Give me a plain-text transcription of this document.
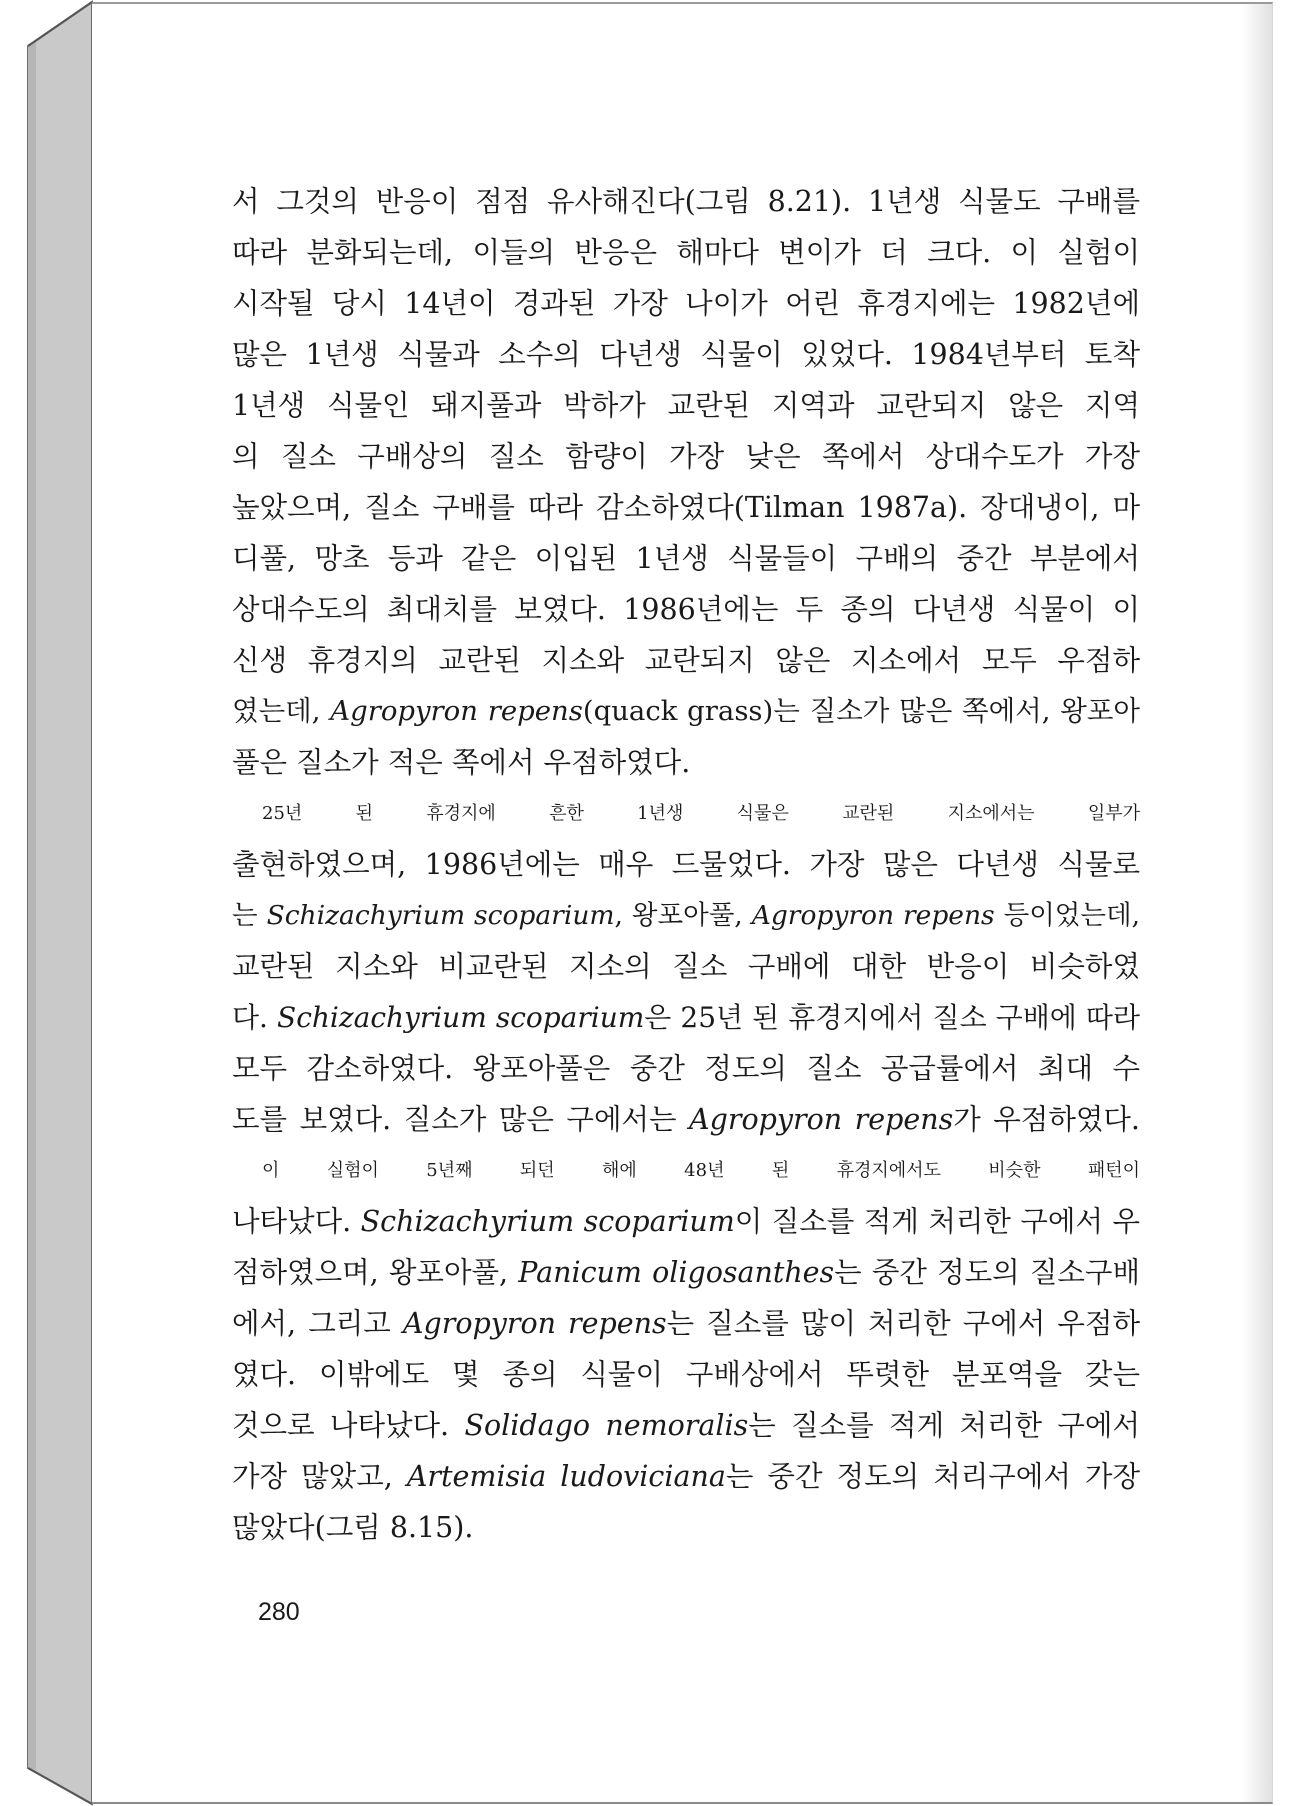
서 그것의 반응이 점점 유사해진다(그림 8.21). 1년생 식물도 구배를
따라 분화되는데, 이들의 반응은 해마다 변이가 더 크다. 이 실험이
시작될 당시 14년이 경과된 가장 나이가 어린 휴경지에는 1982년에
많은 1년생 식물과 소수의 다년생 식물이 있었다. 1984년부터 토착
1년생 식물인 돼지풀과 박하가 교란된 지역과 교란되지 않은 지역
의 질소 구배상의 질소 함량이 가장 낮은 쪽에서 상대수도가 가장
높았으며, 질소 구배를 따라 감소하였다(Tilman 1987a). 장대냉이, 마
디풀, 망초 등과 같은 이입된 1년생 식물들이 구배의 중간 부분에서
상대수도의 최대치를 보였다. 1986년에는 두 종의 다년생 식물이 이
신생 휴경지의 교란된 지소와 교란되지 않은 지소에서 모두 우점하
였는데, Agropyron repens(quack grass)는 질소가 많은 쪽에서, 왕포아
풀은 질소가 적은 쪽에서 우점하였다.

25년 된 휴경지에 흔한 1년생 식물은 교란된 지소에서는 일부가
출현하였으며, 1986년에는 매우 드물었다. 가장 많은 다년생 식물로
는 Schizachyrium scoparium, 왕포아풀, Agropyron repens 등이었는데,
교란된 지소와 비교란된 지소의 질소 구배에 대한 반응이 비슷하였
다. Schizachyrium scoparium은 25년 된 휴경지에서 질소 구배에 따라
모두 감소하였다. 왕포아풀은 중간 정도의 질소 공급률에서 최대 수
도를 보였다. 질소가 많은 구에서는 Agropyron repens가 우점하였다.

이 실험이 5년째 되던 해에 48년 된 휴경지에서도 비슷한 패턴이
나타났다. Schizachyrium scoparium이 질소를 적게 처리한 구에서 우
점하였으며, 왕포아풀, Panicum oligosanthes는 중간 정도의 질소구배
에서, 그리고 Agropyron repens는 질소를 많이 처리한 구에서 우점하
였다. 이밖에도 몇 종의 식물이 구배상에서 뚜렷한 분포역을 갖는
것으로 나타났다. Solidago nemoralis는 질소를 적게 처리한 구에서
가장 많았고, Artemisia ludoviciana는 중간 정도의 처리구에서 가장
많았다(그림 8.15).

280
